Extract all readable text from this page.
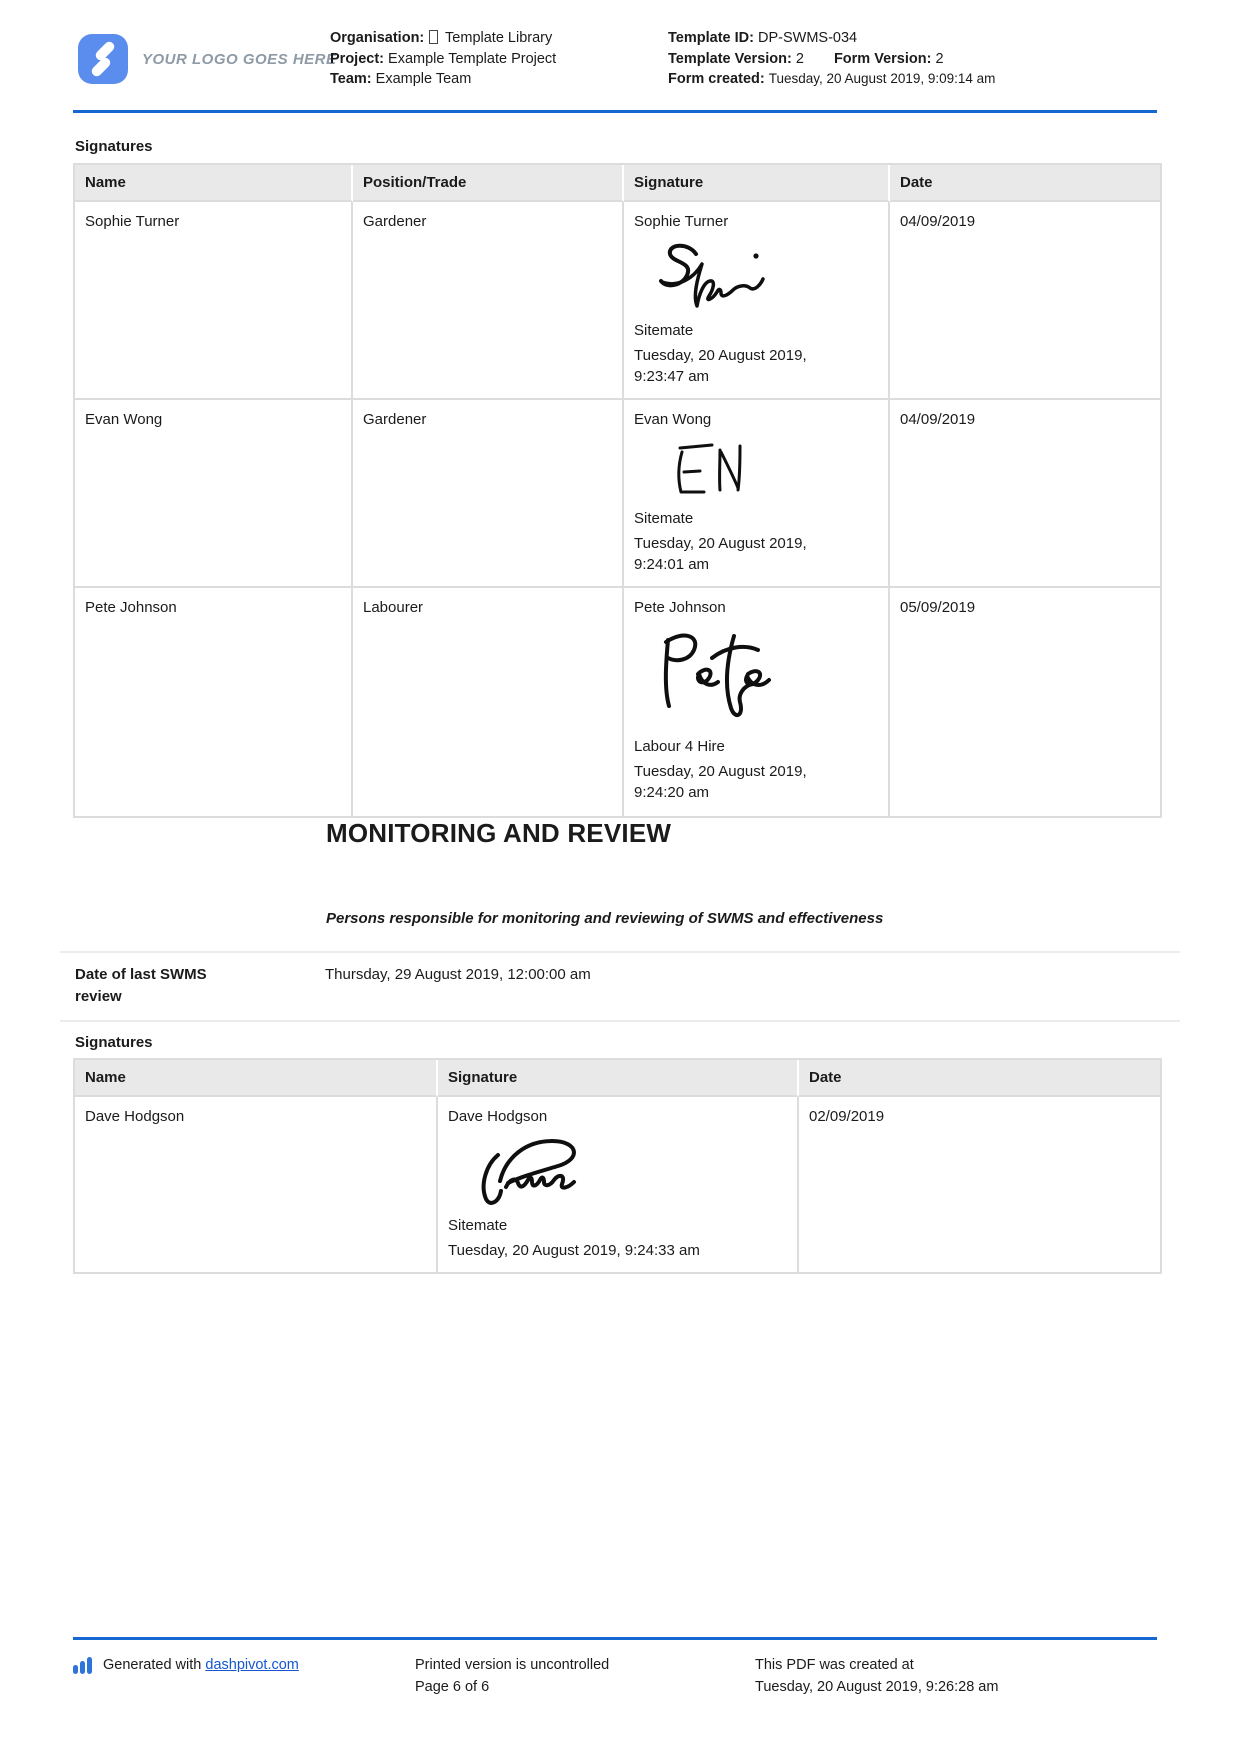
YOUR LOGO GOES HERE
Organisation: Template Library
Project: Example Template Project
Team: Example Team
Template ID: DP-SWMS-034
Template Version: 2 Form Version: 2
Form created: Tuesday, 20 August 2019, 9:09:14 am
Signatures
Name	Position/Trade	Signature	Date
Sophie Turner	Gardener	Sophie Turner
Sitemate
Tuesday, 20 August 2019, 9:23:47 am	04/09/2019
Evan Wong	Gardener	Evan Wong
Sitemate
Tuesday, 20 August 2019, 9:24:01 am	04/09/2019
Pete Johnson	Labourer	Pete Johnson
Labour 4 Hire
Tuesday, 20 August 2019, 9:24:20 am	05/09/2019
MONITORING AND REVIEW
Persons responsible for monitoring and reviewing of SWMS and effectiveness
Date of last SWMS review
Thursday, 29 August 2019, 12:00:00 am
Signatures
Name	Signature	Date
Dave Hodgson	Dave Hodgson
Sitemate
Tuesday, 20 August 2019, 9:24:33 am	02/09/2019
Generated with dashpivot.com	Printed version is uncontrolled
Page 6 of 6
This PDF was created at
Tuesday, 20 August 2019, 9:26:28 am
